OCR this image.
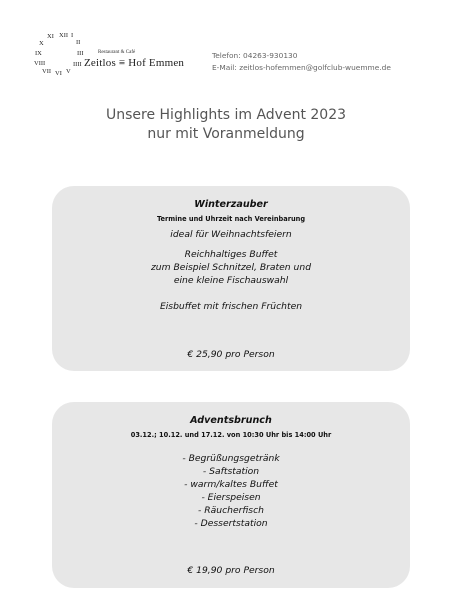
XII I
II
III
IIII
V
VI
VII
VIII
IX
X
XI
Restaurant & Café
Zeitlos ≡ Hof Emmen
Telefon: 04263-930130
E-Mail: zeitlos-hofemmen@golfclub-wuemme.de
Unsere Highlights im Advent 2023
nur mit Voranmeldung
Winterzauber
Termine und Uhrzeit nach Vereinbarung
ideal für Weihnachtsfeiern
Reichhaltiges Buffet
zum Beispiel Schnitzel, Braten und
eine kleine Fischauswahl
Eisbuffet mit frischen Früchten
€ 25,90 pro Person
Adventsbrunch
03.12.; 10.12. und 17.12. von 10:30 Uhr bis 14:00 Uhr
- Begrüßungsgetränk
- Saftstation
- warm/kaltes Buffet
- Eierspeisen
- Räucherfisch
- Dessertstation
€ 19,90 pro Person
